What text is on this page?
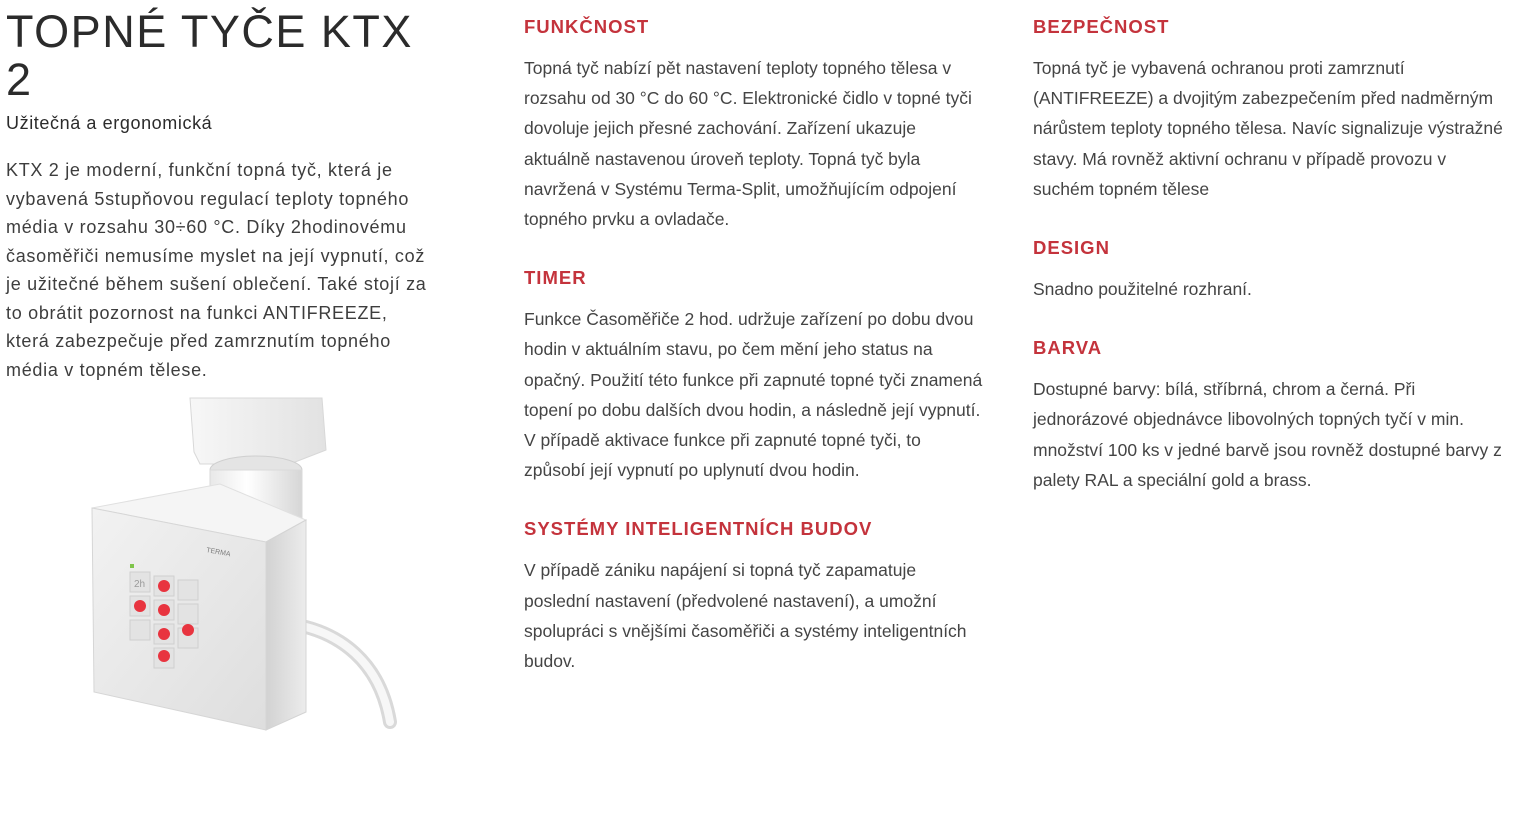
TOPNÉ TYČE KTX 2
Užitečná a ergonomická

KTX 2 je moderní, funkční topná tyč, která je vybavená 5stupňovou regulací teploty topného média v rozsahu 30÷60 °C. Díky 2hodinovému časoměřiči nemusíme myslet na její vypnutí, což je užitečné během sušení oblečení. Také stojí za to obrátit pozornost na funkci ANTIFREEZE, která zabezpečuje před zamrznutím topného média v topném tělese.

TERMA
2h
FUNKČNOST

Topná tyč nabízí pět nastavení teploty topného tělesa v rozsahu od 30 °C do 60 °C. Elektronické čidlo v topné tyči dovoluje jejich přesné zachování. Zařízení ukazuje aktuálně nastavenou úroveň teploty. Topná tyč byla navržená v Systému Terma-Split, umožňujícím odpojení topného prvku a ovladače.

TIMER

Funkce Časoměřiče 2 hod. udržuje zařízení po dobu dvou hodin v aktuálním stavu, po čem mění jeho status na opačný. Použití této funkce při zapnuté topné tyči znamená topení po dobu dalších dvou hodin, a následně její vypnutí. V případě aktivace funkce při zapnuté topné tyči, to způsobí její vypnutí po uplynutí dvou hodin.

SYSTÉMY INTELIGENTNÍCH BUDOV

V případě zániku napájení si topná tyč zapamatuje poslední nastavení (předvolené nastavení), a umožní spolupráci s vnějšími časoměřiči a systémy inteligentních budov.

BEZPEČNOST

Topná tyč je vybavená ochranou proti zamrznutí (ANTIFREEZE) a dvojitým zabezpečením před nadměrným nárůstem teploty topného tělesa. Navíc signalizuje výstražné stavy. Má rovněž aktivní ochranu v případě provozu v suchém topném tělese

DESIGN

Snadno použitelné rozhraní.

BARVA

Dostupné barvy: bílá, stříbrná, chrom a černá. Při jednorázové objednávce libovolných topných tyčí v min. množství 100 ks v jedné barvě jsou rovněž dostupné barvy z palety RAL a speciální gold a brass.
